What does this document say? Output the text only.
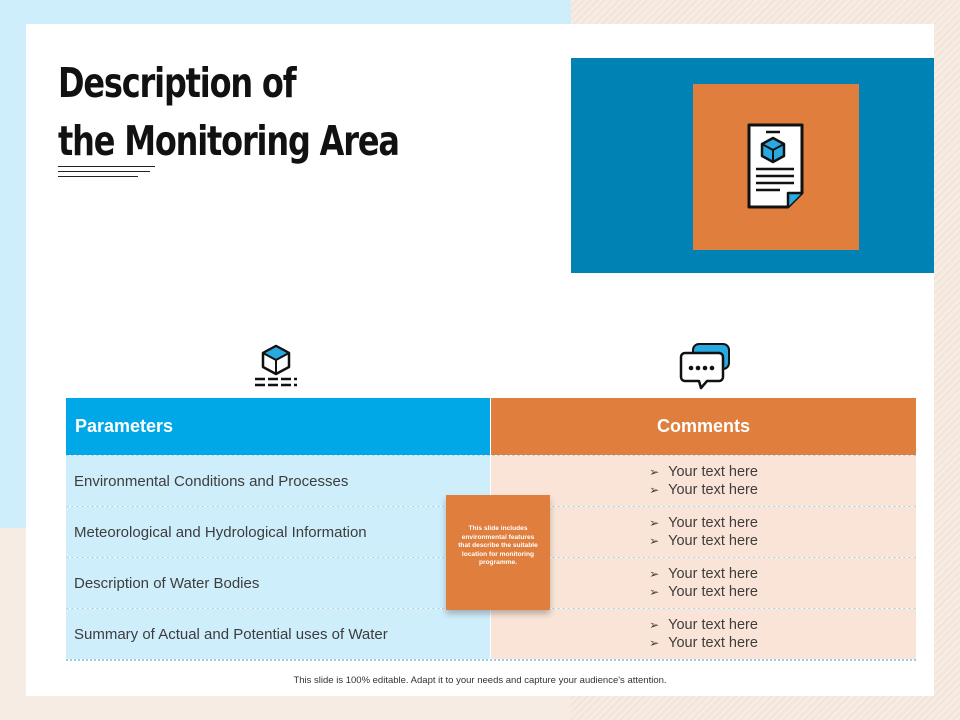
Description of
the Monitoring Area
Parameters	Comments
Environmental Conditions and Processes
➢ Your text here
➢ Your text here
Meteorological and Hydrological Information
➢ Your text here
➢ Your text here
Description of Water Bodies
➢ Your text here
➢ Your text here
Summary of Actual and Potential uses of Water
➢ Your text here
➢ Your text here
This slide includes environmental features that describe the suitable location for monitoring programme.
This slide is 100% editable. Adapt it to your needs and capture your audience's attention.
